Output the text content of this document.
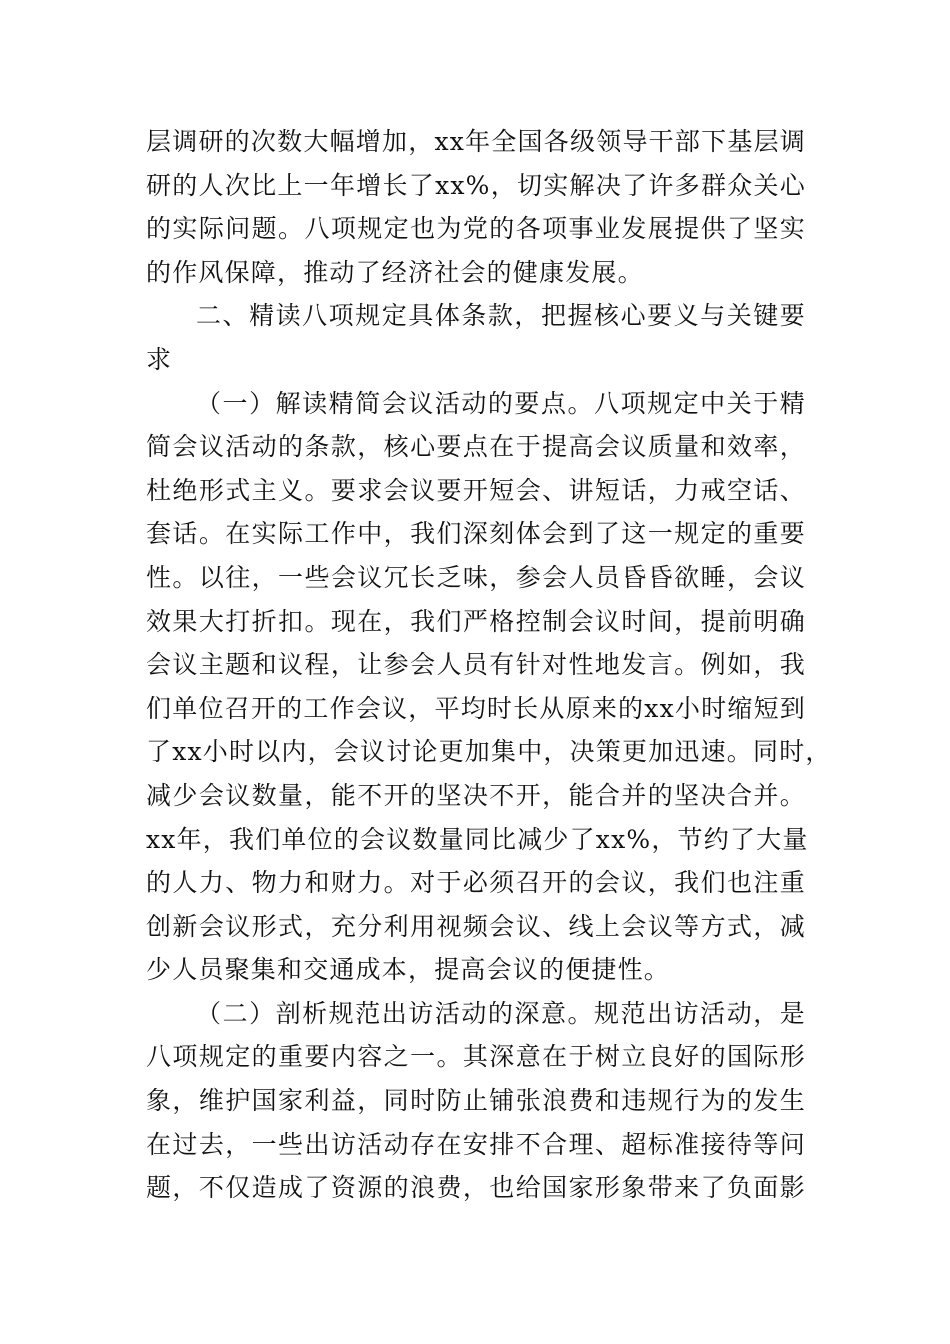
层调研的次数大幅增加，xx年全国各级领导干部下基层调
研的人次比上一年增长了xx%，切实解决了许多群众关心
的实际问题。八项规定也为党的各项事业发展提供了坚实
的作风保障，推动了经济社会的健康发展。
二、精读八项规定具体条款，把握核心要义与关键要
求
（一）解读精简会议活动的要点。八项规定中关于精
简会议活动的条款，核心要点在于提高会议质量和效率，
杜绝形式主义。要求会议要开短会、讲短话，力戒空话、
套话。在实际工作中，我们深刻体会到了这一规定的重要
性。以往，一些会议冗长乏味，参会人员昏昏欲睡，会议
效果大打折扣。现在，我们严格控制会议时间，提前明确
会议主题和议程，让参会人员有针对性地发言。例如，我
们单位召开的工作会议，平均时长从原来的xx小时缩短到
了xx小时以内，会议讨论更加集中，决策更加迅速。同时，
减少会议数量，能不开的坚决不开，能合并的坚决合并。
xx年，我们单位的会议数量同比减少了xx%，节约了大量
的人力、物力和财力。对于必须召开的会议，我们也注重
创新会议形式，充分利用视频会议、线上会议等方式，减
少人员聚集和交通成本，提高会议的便捷性。
（二）剖析规范出访活动的深意。规范出访活动，是
八项规定的重要内容之一。其深意在于树立良好的国际形
象，维护国家利益，同时防止铺张浪费和违规行为的发生
在过去，一些出访活动存在安排不合理、超标准接待等问
题，不仅造成了资源的浪费，也给国家形象带来了负面影
